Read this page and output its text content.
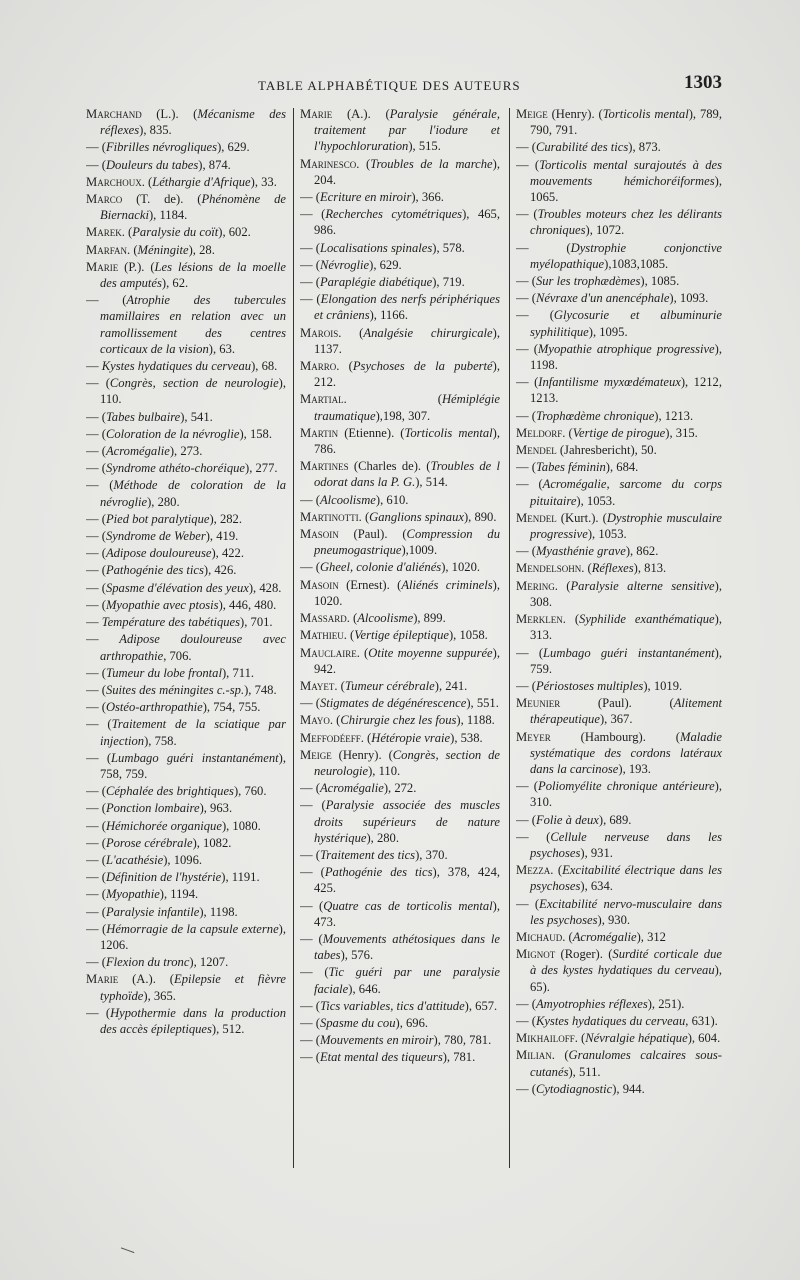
TABLE ALPHABÉTIQUE DES AUTEURS	1303
Marchand (L.). (Mécanisme des réflexes), 835.
— (Fibrilles névrogliques), 629.
— (Douleurs du tabes), 874.
Marchoux. (Léthargie d'Afrique), 33.
Marco (T. de). (Phénomène de Biernacki), 1184.
Marek. (Paralysie du coït), 602.
Marfan. (Méningite), 28.
Marie (P.). (Les lésions de la moelle des amputés), 62.
— (Atrophie des tubercules mamillaires en relation avec un ramollissement des centres corticaux de la vision), 63.
— Kystes hydatiques du cerveau), 68.
— (Congrès, section de neurologie), 110.
— (Tabes bulbaire), 541.
— (Coloration de la névroglie), 158.
— (Acromégalie), 273.
— (Syndrome athéto-choréique), 277.
— (Méthode de coloration de la névroglie), 280.
— (Pied bot paralytique), 282.
— (Syndrome de Weber), 419.
— (Adipose douloureuse), 422.
— (Pathogénie des tics), 426.
— (Spasme d'élévation des yeux), 428.
— (Myopathie avec ptosis), 446, 480.
— Température des tabétiques), 701.
— Adipose douloureuse avec arthropathie, 706.
— (Tumeur du lobe frontal), 711.
— (Suites des méningites c.-sp.), 748.
— (Ostéo-arthropathie), 754, 755.
— (Traitement de la sciatique par injection), 758.
— (Lumbago guéri instantanément), 758, 759.
— (Céphalée des brightiques), 760.
— (Ponction lombaire), 963.
— (Hémichorée organique), 1080.
— (Porose cérébrale), 1082.
— (L'acathésie), 1096.
— (Définition de l'hystérie), 1191.
— (Myopathie), 1194.
— (Paralysie infantile), 1198.
— (Hémorragie de la capsule externe), 1206.
— (Flexion du tronc), 1207.
Marie (A.). (Epilepsie et fièvre typhoïde), 365.
— (Hypothermie dans la production des accès épileptiques), 512.
Marie (A.). (Paralysie générale, traitement par l'iodure et l'hypochloruration), 515.
Marinesco. (Troubles de la marche), 204.
— (Ecriture en miroir), 366.
— (Recherches cytométriques), 465, 986.
— (Localisations spinales), 578.
— (Névroglie), 629.
— (Paraplégie diabétique), 719.
— (Elongation des nerfs périphériques et crâniens), 1166.
Marois. (Analgésie chirurgicale), 1137.
Marro. (Psychoses de la puberté), 212.
Martial. (Hémiplégie traumatique),198, 307.
Martin (Etienne). (Torticolis mental), 786.
Martines (Charles de). (Troubles de l odorat dans la P. G.), 514.
— (Alcoolisme), 610.
Martinotti. (Ganglions spinaux), 890.
Masoin (Paul). (Compression du pneumogastrique),1009.
— (Gheel, colonie d'aliénés), 1020.
Masoin (Ernest). (Aliénés criminels), 1020.
Massard. (Alcoolisme), 899.
Mathieu. (Vertige épileptique), 1058.
Mauclaire. (Otite moyenne suppurée), 942.
Mayet. (Tumeur cérébrale), 241.
— (Stigmates de dégénérescence), 551.
Mayo. (Chirurgie chez les fous), 1188.
Meffodéeff. (Hétéropie vraie), 538.
Meige (Henry). (Congrès, section de neurologie), 110.
— (Acromégalie), 272.
— (Paralysie associée des muscles droits supérieurs de nature hystérique), 280.
— (Traitement des tics), 370.
— (Pathogénie des tics), 378, 424, 425.
— (Quatre cas de torticolis mental), 473.
— (Mouvements athétosiques dans le tabes), 576.
— (Tic guéri par une paralysie faciale), 646.
— (Tics variables, tics d'attitude), 657.
— (Spasme du cou), 696.
— (Mouvements en miroir), 780, 781.
— (Etat mental des tiqueurs), 781.
Meige (Henry). (Torticolis mental), 789, 790, 791.
— (Curabilité des tics), 873.
— (Torticolis mental surajoutés à des mouvements hémichoréiformes), 1065.
— (Troubles moteurs chez les délirants chroniques), 1072.
— (Dystrophie conjonctive myélopathique),1083,1085.
— (Sur les trophædèmes), 1085.
— (Névraxe d'un anencéphale), 1093.
— (Glycosurie et albuminurie syphilitique), 1095.
— (Myopathie atrophique progressive), 1198.
— (Infantilisme myxœdémateux), 1212, 1213.
— (Trophœdème chronique), 1213.
Meldorf. (Vertige de pirogue), 315.
Mendel (Jahresbericht), 50.
— (Tabes féminin), 684.
— (Acromégalie, sarcome du corps pituitaire), 1053.
Mendel (Kurt.). (Dystrophie musculaire progressive), 1053.
— (Myasthénie grave), 862.
Mendelsohn. (Réflexes), 813.
Mering. (Paralysie alterne sensitive), 308.
Merklen. (Syphilide exanthématique), 313.
— (Lumbago guéri instantanément), 759.
— (Périostoses multiples), 1019.
Meunier (Paul). (Alitement thérapeutique), 367.
Meyer (Hambourg). (Maladie systématique des cordons latéraux dans la carcinose), 193.
— (Poliomyélite chronique antérieure), 310.
— (Folie à deux), 689.
— (Cellule nerveuse dans les psychoses), 931.
Mezza. (Excitabilité électrique dans les psychoses), 634.
— (Excitabilité nervo-musculaire dans les psychoses), 930.
Michaud. (Acromégalie), 312
Mignot (Roger). (Surdité corticale due à des kystes hydatiques du cerveau), 65).
— (Amyotrophies réflexes), 251).
— (Kystes hydatiques du cerveau, 631).
Mikhailoff. (Névralgie hépatique), 604.
Milian. (Granulomes calcaires sous-cutanés), 511.
— (Cytodiagnostic), 944.
